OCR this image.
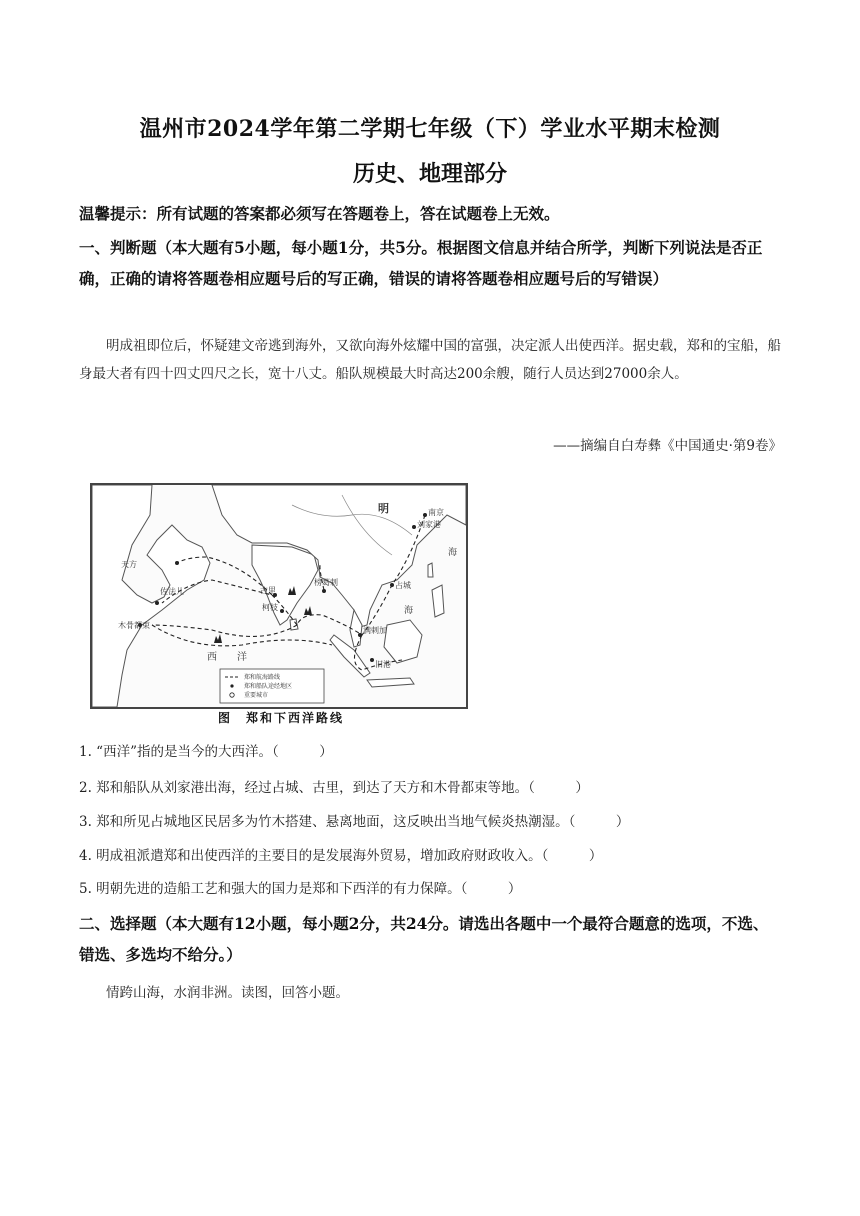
温州市2024学年第二学期七年级（下）学业水平期末检测
历史、地理部分
温馨提示：所有试题的答案都必须写在答题卷上，答在试题卷上无效。
一、判断题（本大题有5小题，每小题1分，共5分。根据图文信息并结合所学，判断下列说法是否正确，正确的请将答题卷相应题号后的写正确，错误的请将答题卷相应题号后的写错误）
明成祖即位后，怀疑建文帝逃到海外，又欲向海外炫耀中国的富强，决定派人出使西洋。据史载，郑和的宝船，船身最大者有四十四丈四尺之长，宽十八丈。船队规模最大时高达200余艘，随行人员达到27000余人。
——摘编自白寿彝《中国通史·第9卷》
明	南京
刘家港
天方
佐法儿
木骨都束
古里
柯枝
榜葛剌	占城
满剌加
旧港
西　　洋
海
海
郑和航海路线
郑和船队途经地区
重要城市
图　郑和下西洋路线
1. “西洋”指的是当今的大西洋。（　　　）
2. 郑和船队从刘家港出海，经过占城、古里，到达了天方和木骨都束等地。（　　　）
3. 郑和所见占城地区民居多为竹木搭建、悬离地面，这反映出当地气候炎热潮湿。（　　　）
4. 明成祖派遣郑和出使西洋的主要目的是发展海外贸易，增加政府财政收入。（　　　）
5. 明朝先进的造船工艺和强大的国力是郑和下西洋的有力保障。（　　　）
二、选择题（本大题有12小题，每小题2分，共24分。请选出各题中一个最符合题意的选项，不选、错选、多选均不给分。）
情跨山海，水润非洲。读图，回答小题。
